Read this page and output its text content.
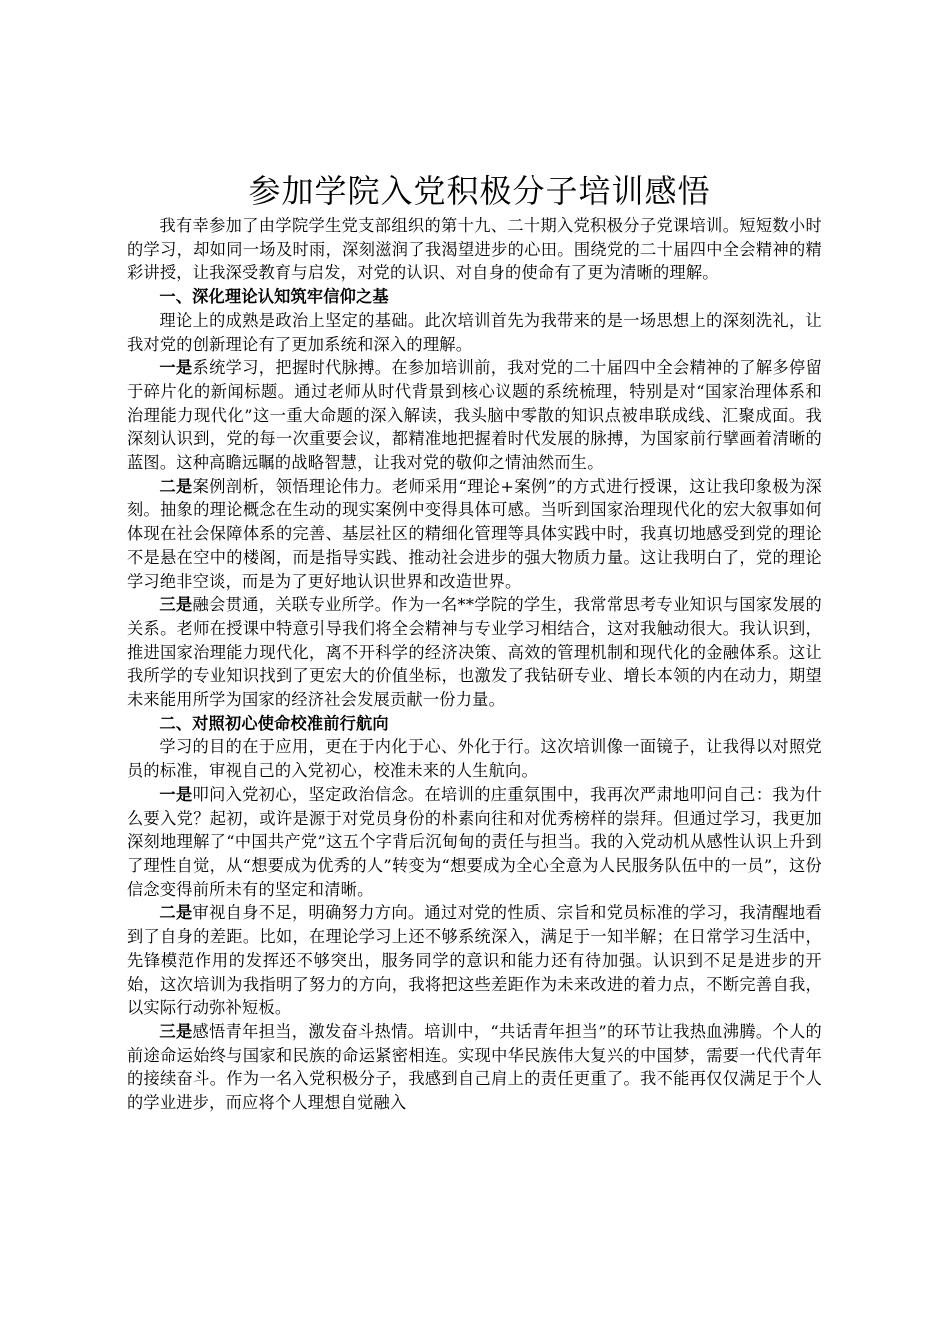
参加学院入党积极分子培训感悟

我有幸参加了由学院学生党支部组织的第十九、二十期入党积极分子党课培训。短短数小时的学习，却如同一场及时雨，深刻滋润了我渴望进步的心田。围绕党的二十届四中全会精神的精彩讲授，让我深受教育与启发，对党的认识、对自身的使命有了更为清晰的理解。

一、深化理论认知筑牢信仰之基

理论上的成熟是政治上坚定的基础。此次培训首先为我带来的是一场思想上的深刻洗礼，让我对党的创新理论有了更加系统和深入的理解。

一是系统学习，把握时代脉搏。在参加培训前，我对党的二十届四中全会精神的了解多停留于碎片化的新闻标题。通过老师从时代背景到核心议题的系统梳理，特别是对“国家治理体系和治理能力现代化”这一重大命题的深入解读，我头脑中零散的知识点被串联成线、汇聚成面。我深刻认识到，党的每一次重要会议，都精准地把握着时代发展的脉搏，为国家前行擘画着清晰的蓝图。这种高瞻远瞩的战略智慧，让我对党的敬仰之情油然而生。

二是案例剖析，领悟理论伟力。老师采用“理论+案例”的方式进行授课，这让我印象极为深刻。抽象的理论概念在生动的现实案例中变得具体可感。当听到国家治理现代化的宏大叙事如何体现在社会保障体系的完善、基层社区的精细化管理等具体实践中时，我真切地感受到党的理论不是悬在空中的楼阁，而是指导实践、推动社会进步的强大物质力量。这让我明白了，党的理论学习绝非空谈，而是为了更好地认识世界和改造世界。

三是融会贯通，关联专业所学。作为一名**学院的学生，我常常思考专业知识与国家发展的关系。老师在授课中特意引导我们将全会精神与专业学习相结合，这对我触动很大。我认识到，推进国家治理能力现代化，离不开科学的经济决策、高效的管理机制和现代化的金融体系。这让我所学的专业知识找到了更宏大的价值坐标，也激发了我钻研专业、增长本领的内在动力，期望未来能用所学为国家的经济社会发展贡献一份力量。

二、对照初心使命校准前行航向

学习的目的在于应用，更在于内化于心、外化于行。这次培训像一面镜子，让我得以对照党员的标准，审视自己的入党初心，校准未来的人生航向。

一是叩问入党初心，坚定政治信念。在培训的庄重氛围中，我再次严肃地叩问自己：我为什么要入党？起初，或许是源于对党员身份的朴素向往和对优秀榜样的崇拜。但通过学习，我更加深刻地理解了“中国共产党”这五个字背后沉甸甸的责任与担当。我的入党动机从感性认识上升到了理性自觉，从“想要成为优秀的人”转变为“想要成为全心全意为人民服务队伍中的一员”，这份信念变得前所未有的坚定和清晰。

二是审视自身不足，明确努力方向。通过对党的性质、宗旨和党员标准的学习，我清醒地看到了自身的差距。比如，在理论学习上还不够系统深入，满足于一知半解；在日常学习生活中，先锋模范作用的发挥还不够突出，服务同学的意识和能力还有待加强。认识到不足是进步的开始，这次培训为我指明了努力的方向，我将把这些差距作为未来改进的着力点，不断完善自我，以实际行动弥补短板。

三是感悟青年担当，激发奋斗热情。培训中，“共话青年担当”的环节让我热血沸腾。个人的前途命运始终与国家和民族的命运紧密相连。实现中华民族伟大复兴的中国梦，需要一代代青年的接续奋斗。作为一名入党积极分子，我感到自己肩上的责任更重了。我不能再仅仅满足于个人的学业进步，而应将个人理想自觉融入
